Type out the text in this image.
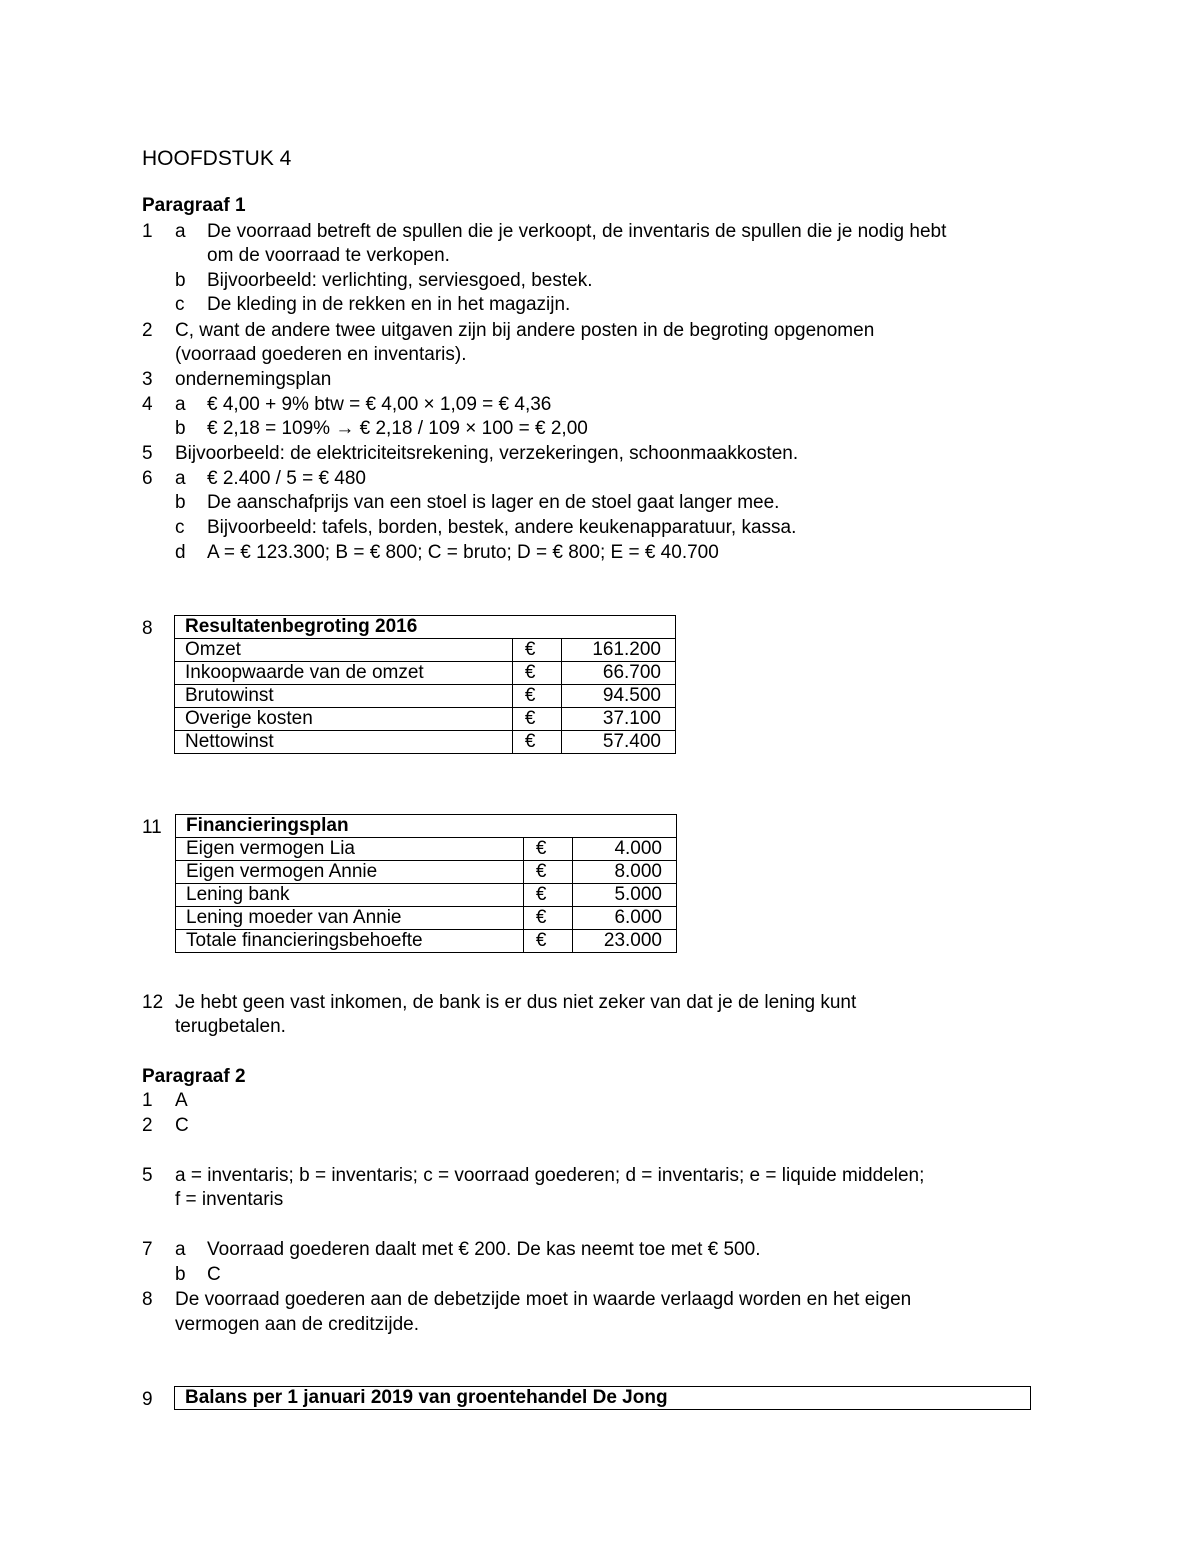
HOOFDSTUK 4
Paragraaf 1
1 a De voorraad betreft de spullen die je verkoopt, de inventaris de spullen die je nodig hebt
om de voorraad te verkopen.
b Bijvoorbeeld: verlichting, serviesgoed, bestek.
c De kleding in de rekken en in het magazijn.
2 C, want de andere twee uitgaven zijn bij andere posten in de begroting opgenomen
(voorraad goederen en inventaris).
3 ondernemingsplan
4 a € 4,00 + 9% btw = € 4,00 × 1,09 = € 4,36
b € 2,18 = 109% → € 2,18 / 109 × 100 = € 2,00
5 Bijvoorbeeld: de elektriciteitsrekening, verzekeringen, schoonmaakkosten.
6 a € 2.400 / 5 = € 480
b De aanschafprijs van een stoel is lager en de stoel gaat langer mee.
c Bijvoorbeeld: tafels, borden, bestek, andere keukenapparatuur, kassa.
d A = € 123.300; B = € 800; C = bruto; D = € 800; E = € 40.700
8 Resultatenbegroting 2016		
Omzet	€	161.200
Inkoopwaarde van de omzet	€	66.700
Brutowinst	€	94.500
Overige kosten	€	37.100
Nettowinst	€	57.400
11 Financieringsplan		
Eigen vermogen Lia	€	4.000
Eigen vermogen Annie	€	8.000
Lening bank	€	5.000
Lening moeder van Annie	€	6.000
Totale financieringsbehoefte	€	23.000
12 Je hebt geen vast inkomen, de bank is er dus niet zeker van dat je de lening kunt
terugbetalen.
Paragraaf 2
1 A
2 C
5 a = inventaris; b = inventaris; c = voorraad goederen; d = inventaris; e = liquide middelen;
f = inventaris
7 a Voorraad goederen daalt met € 200. De kas neemt toe met € 500.
b C
8 De voorraad goederen aan de debetzijde moet in waarde verlaagd worden en het eigen
vermogen aan de creditzijde.
9 Balans per 1 januari 2019 van groentehandel De Jong
